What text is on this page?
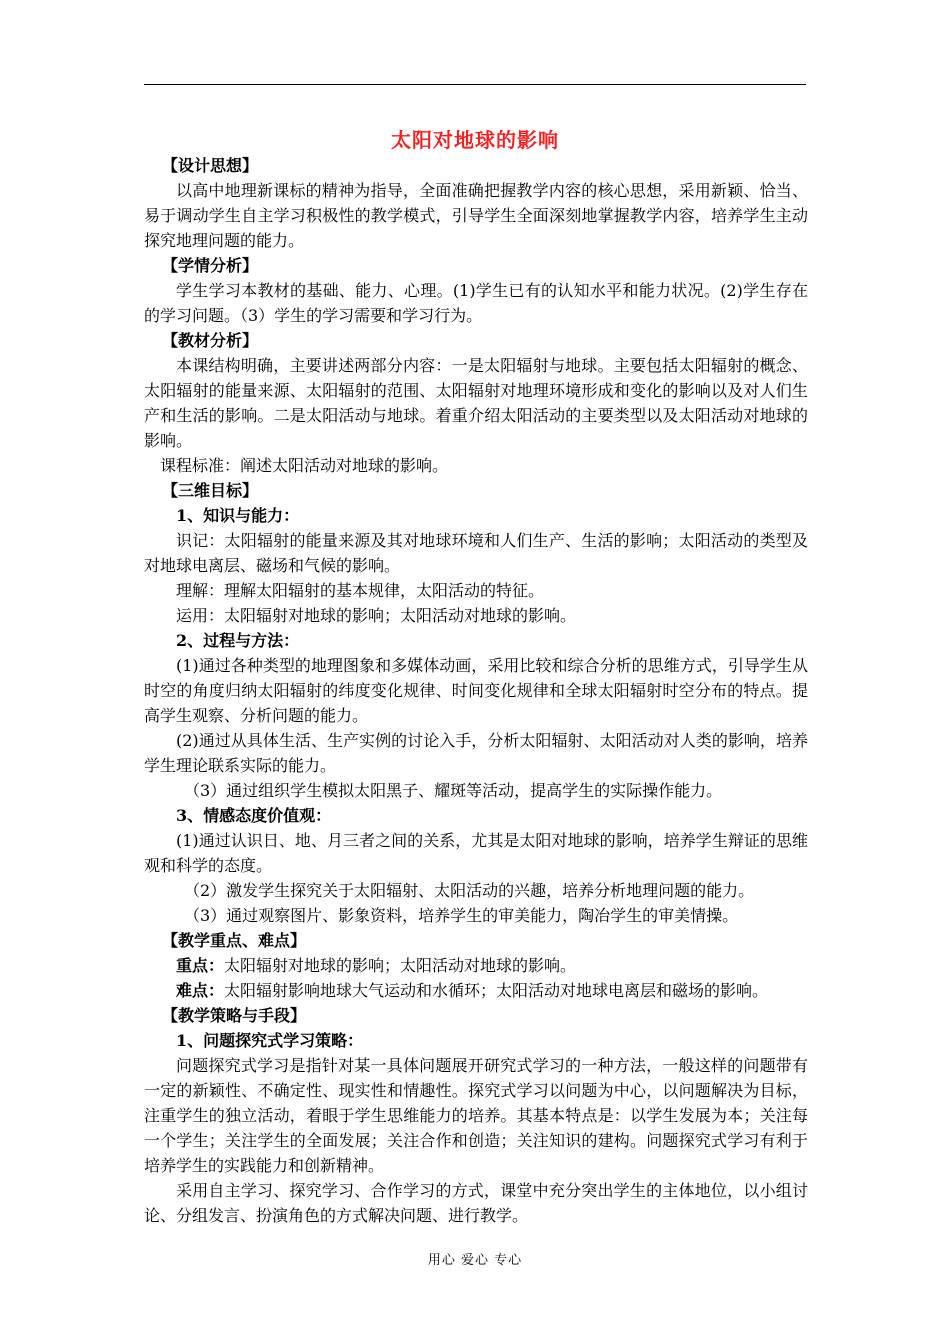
太阳对地球的影响

【设计思想】

以高中地理新课标的精神为指导，全面准确把握教学内容的核心思想，采用新颖、恰当、易于调动学生自主学习积极性的教学模式，引导学生全面深刻地掌握教学内容，培养学生主动探究地理问题的能力。

【学情分析】

学生学习本教材的基础、能力、心理。(1)学生已有的认知水平和能力状况。(2)学生存在的学习问题。（3）学生的学习需要和学习行为。

【教材分析】

本课结构明确，主要讲述两部分内容：一是太阳辐射与地球。主要包括太阳辐射的概念、太阳辐射的能量来源、太阳辐射的范围、太阳辐射对地理环境形成和变化的影响以及对人们生产和生活的影响。二是太阳活动与地球。着重介绍太阳活动的主要类型以及太阳活动对地球的影响。

课程标准：阐述太阳活动对地球的影响。

【三维目标】

1、知识与能力：

识记：太阳辐射的能量来源及其对地球环境和人们生产、生活的影响；太阳活动的类型及对地球电离层、磁场和气候的影响。

理解：理解太阳辐射的基本规律，太阳活动的特征。

运用：太阳辐射对地球的影响；太阳活动对地球的影响。

2、过程与方法：

(1)通过各种类型的地理图象和多媒体动画，采用比较和综合分析的思维方式，引导学生从时空的角度归纳太阳辐射的纬度变化规律、时间变化规律和全球太阳辐射时空分布的特点。提高学生观察、分析问题的能力。

(2)通过从具体生活、生产实例的讨论入手，分析太阳辐射、太阳活动对人类的影响，培养学生理论联系实际的能力。

（3）通过组织学生模拟太阳黑子、耀斑等活动，提高学生的实际操作能力。

3、情感态度价值观：

(1)通过认识日、地、月三者之间的关系，尤其是太阳对地球的影响，培养学生辩证的思维观和科学的态度。

（2）激发学生探究关于太阳辐射、太阳活动的兴趣，培养分析地理问题的能力。

（3）通过观察图片、影象资料，培养学生的审美能力，陶冶学生的审美情操。

【教学重点、难点】

重点：太阳辐射对地球的影响；太阳活动对地球的影响。

难点：太阳辐射影响地球大气运动和水循环；太阳活动对地球电离层和磁场的影响。

【教学策略与手段】

1、问题探究式学习策略：

问题探究式学习是指针对某一具体问题展开研究式学习的一种方法，一般这样的问题带有一定的新颖性、不确定性、现实性和情趣性。探究式学习以问题为中心，以问题解决为目标，注重学生的独立活动，着眼于学生思维能力的培养。其基本特点是：以学生发展为本；关注每一个学生；关注学生的全面发展；关注合作和创造；关注知识的建构。问题探究式学习有利于培养学生的实践能力和创新精神。

采用自主学习、探究学习、合作学习的方式，课堂中充分突出学生的主体地位，以小组讨论、分组发言、扮演角色的方式解决问题、进行教学。

用心 爱心 专心
